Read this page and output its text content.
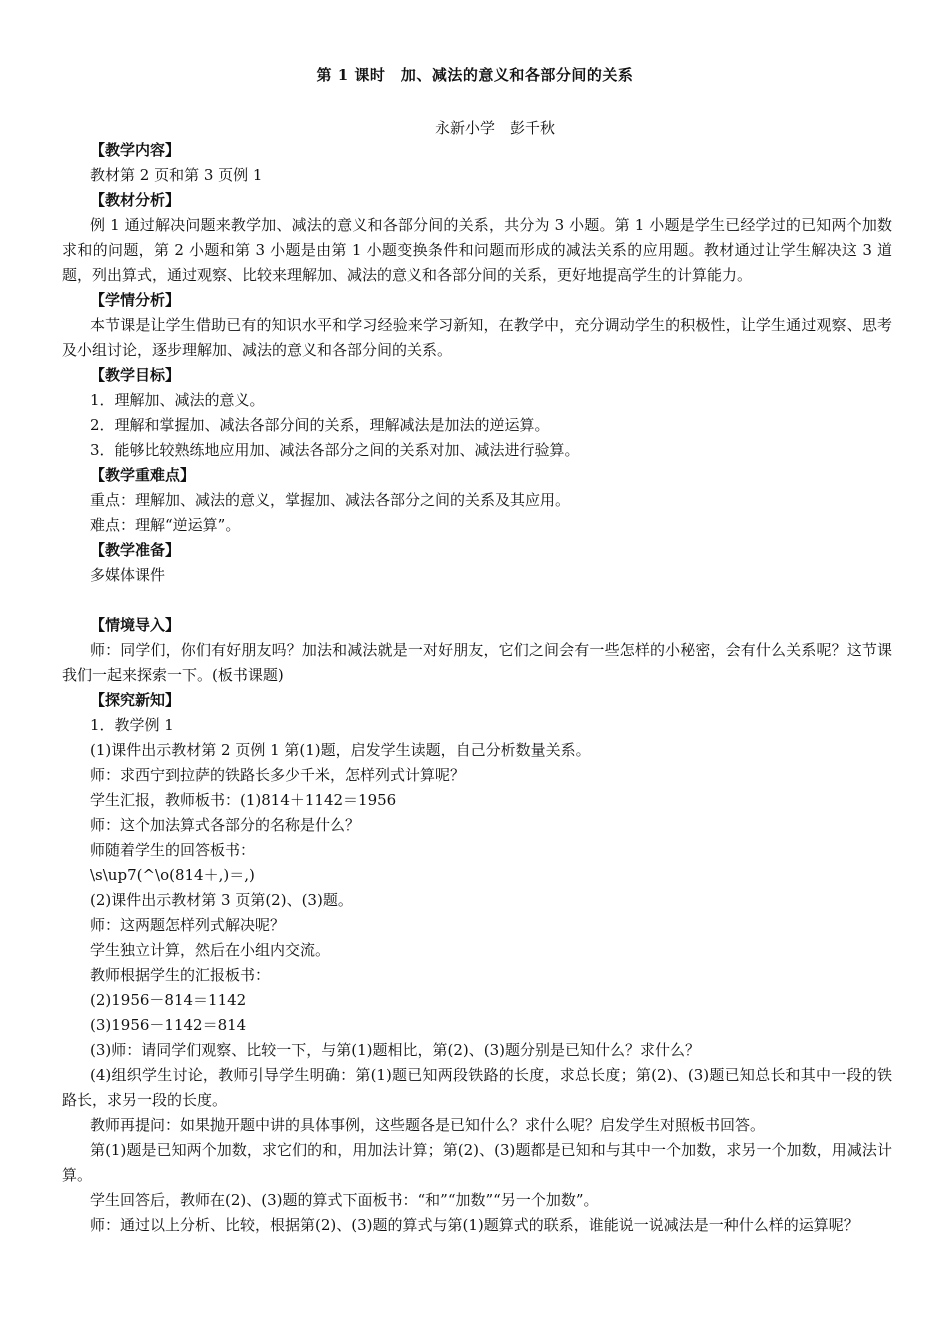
第 1 课时　加、减法的意义和各部分间的关系
永新小学　彭千秋

【教学内容】

教材第 2 页和第 3 页例 1

【教材分析】

例 1 通过解决问题来教学加、减法的意义和各部分间的关系，共分为 3 小题。第 1 小题是学生已经学过的已知两个加数求和的问题，第 2 小题和第 3 小题是由第 1 小题变换条件和问题而形成的减法关系的应用题。教材通过让学生解决这 3 道题，列出算式，通过观察、比较来理解加、减法的意义和各部分间的关系，更好地提高学生的计算能力。

【学情分析】

本节课是让学生借助已有的知识水平和学习经验来学习新知，在教学中，充分调动学生的积极性，让学生通过观察、思考及小组讨论，逐步理解加、减法的意义和各部分间的关系。

【教学目标】

1．理解加、减法的意义。

2．理解和掌握加、减法各部分间的关系，理解减法是加法的逆运算。

3．能够比较熟练地应用加、减法各部分之间的关系对加、减法进行验算。

【教学重难点】

重点：理解加、减法的意义，掌握加、减法各部分之间的关系及其应用。

难点：理解“逆运算”。

【教学准备】

多媒体课件

【情境导入】

师：同学们，你们有好朋友吗？加法和减法就是一对好朋友，它们之间会有一些怎样的小秘密，会有什么关系呢？这节课我们一起来探索一下。(板书课题)

【探究新知】

1．教学例 1

(1)课件出示教材第 2 页例 1 第(1)题，启发学生读题，自己分析数量关系。

师：求西宁到拉萨的铁路长多少千米，怎样列式计算呢？

学生汇报，教师板书：(1)814＋1142＝1956

师：这个加法算式各部分的名称是什么？

师随着学生的回答板书：

\s\up7(^\o(814＋,)＝,)

(2)课件出示教材第 3 页第(2)、(3)题。

师：这两题怎样列式解决呢？

学生独立计算，然后在小组内交流。

教师根据学生的汇报板书：

(2)1956－814＝1142

(3)1956－1142＝814

(3)师：请同学们观察、比较一下，与第(1)题相比，第(2)、(3)题分别是已知什么？求什么？

(4)组织学生讨论，教师引导学生明确：第(1)题已知两段铁路的长度，求总长度；第(2)、(3)题已知总长和其中一段的铁路长，求另一段的长度。

教师再提问：如果抛开题中讲的具体事例，这些题各是已知什么？求什么呢？启发学生对照板书回答。

第(1)题是已知两个加数，求它们的和，用加法计算；第(2)、(3)题都是已知和与其中一个加数，求另一个加数，用减法计算。

学生回答后，教师在(2)、(3)题的算式下面板书：“和”“加数”“另一个加数”。

师：通过以上分析、比较，根据第(2)、(3)题的算式与第(1)题算式的联系，谁能说一说减法是一种什么样的运算呢？
